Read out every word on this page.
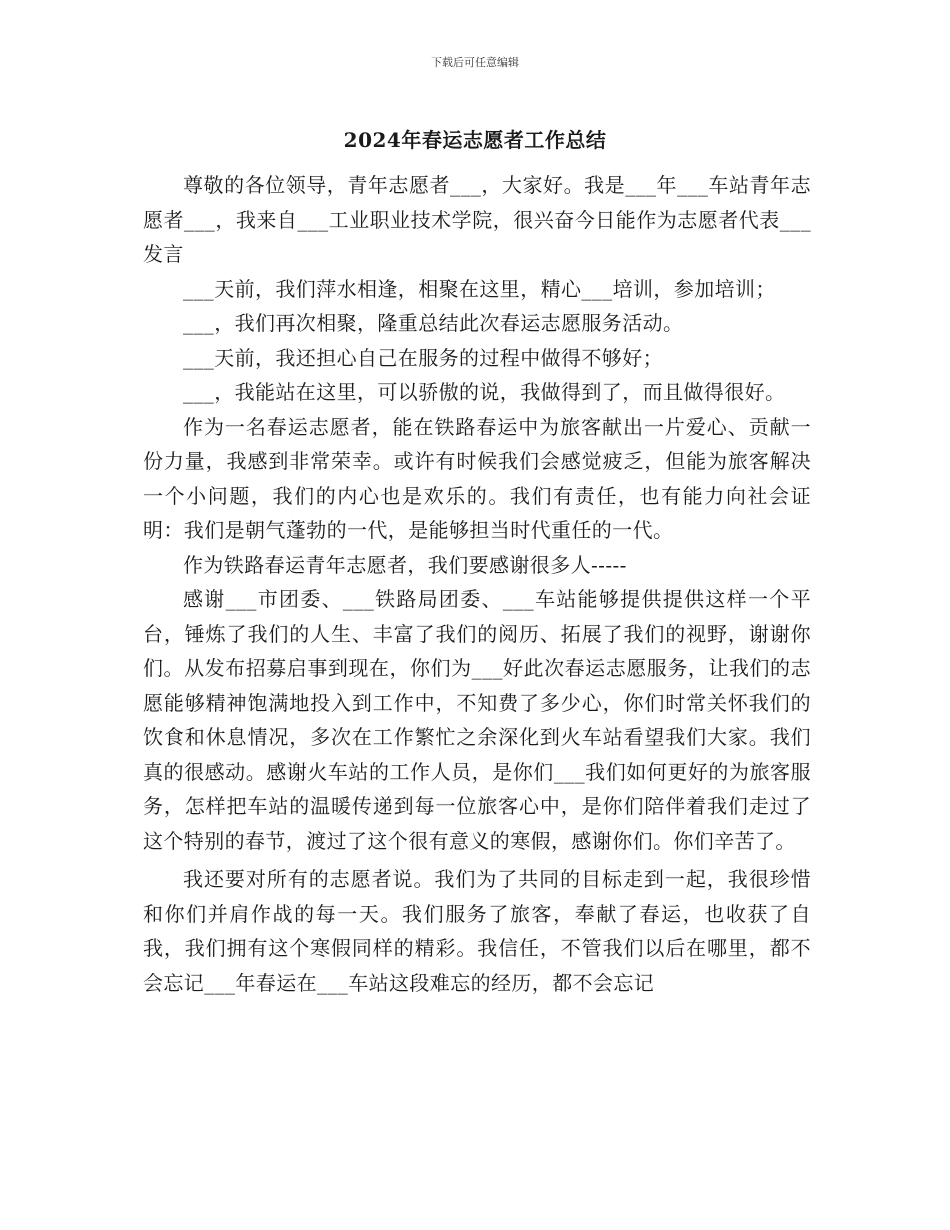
下载后可任意编辑
2024年春运志愿者工作总结

尊敬的各位领导，青年志愿者___，大家好。我是___年___车站青年志愿者___，我来自___工业职业技术学院，很兴奋今日能作为志愿者代表___发言

___天前，我们萍水相逢，相聚在这里，精心___培训，参加培训；

___，我们再次相聚，隆重总结此次春运志愿服务活动。

___天前，我还担心自己在服务的过程中做得不够好；

___，我能站在这里，可以骄傲的说，我做得到了，而且做得很好。

作为一名春运志愿者，能在铁路春运中为旅客献出一片爱心、贡献一份力量，我感到非常荣幸。或许有时候我们会感觉疲乏，但能为旅客解决一个小问题，我们的内心也是欢乐的。我们有责任，也有能力向社会证明：我们是朝气蓬勃的一代，是能够担当时代重任的一代。

作为铁路春运青年志愿者，我们要感谢很多人-----

感谢___市团委、___铁路局团委、___车站能够提供提供这样一个平台，锤炼了我们的人生、丰富了我们的阅历、拓展了我们的视野，谢谢你们。从发布招募启事到现在，你们为___好此次春运志愿服务，让我们的志愿能够精神饱满地投入到工作中，不知费了多少心，你们时常关怀我们的饮食和休息情况，多次在工作繁忙之余深化到火车站看望我们大家。我们真的很感动。感谢火车站的工作人员，是你们___我们如何更好的为旅客服务，怎样把车站的温暖传递到每一位旅客心中，是你们陪伴着我们走过了这个特别的春节，渡过了这个很有意义的寒假，感谢你们。你们辛苦了。

我还要对所有的志愿者说。我们为了共同的目标走到一起，我很珍惜和你们并肩作战的每一天。我们服务了旅客，奉献了春运，也收获了自我，我们拥有这个寒假同样的精彩。我信任，不管我们以后在哪里，都不会忘记___年春运在___车站这段难忘的经历，都不会忘记
